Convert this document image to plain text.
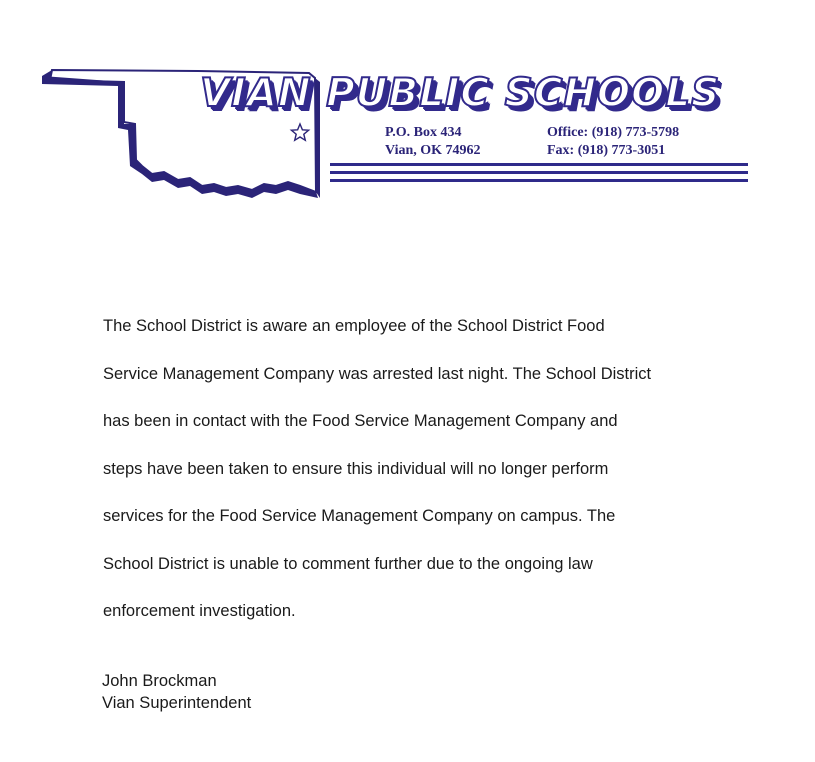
VIAN PUBLIC SCHOOLS
P.O. Box 434
Vian, OK 74962
Office: (918) 773-5798
Fax: (918) 773-3051
The School District is aware an employee of the School District Food
Service Management Company was arrested last night. The School District
has been in contact with the Food Service Management Company and
steps have been taken to ensure this individual will no longer perform
services for the Food Service Management Company on campus. The
School District is unable to comment further due to the ongoing law
enforcement investigation.
John Brockman
Vian Superintendent
